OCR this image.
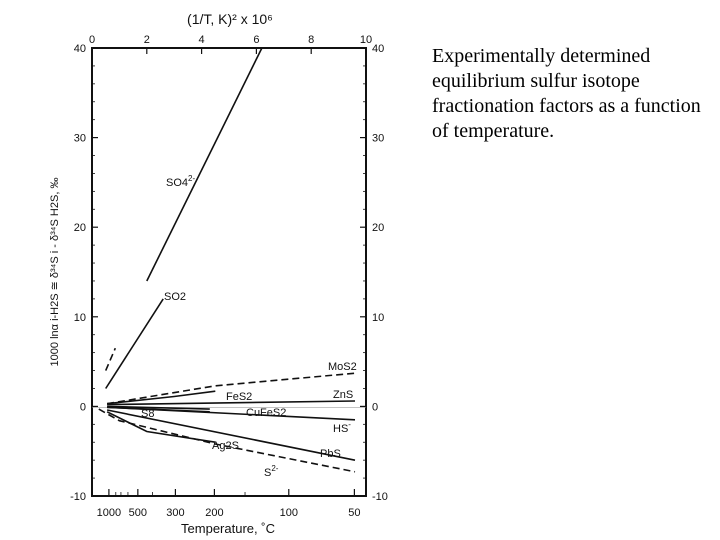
(1/T, K)² x 10⁶
Temperature, ˚C
1000 lnα i-H2S ≅ δ³⁴S i - δ³⁴S H2S, ‰
0	2	4	6	8	10
-10	-10
0	0
10	10
20	20
30	30
40	40
1000 500 300 200	100	50
$SO4^{2-}$
SO2
MoS2
FeS2	ZnS
S8	CuFeS2
HS-
Ag2S
PbS
$S^{2-}$
Experimentally determined equilibrium sulfur isotope fractionation factors as a function of temperature.
